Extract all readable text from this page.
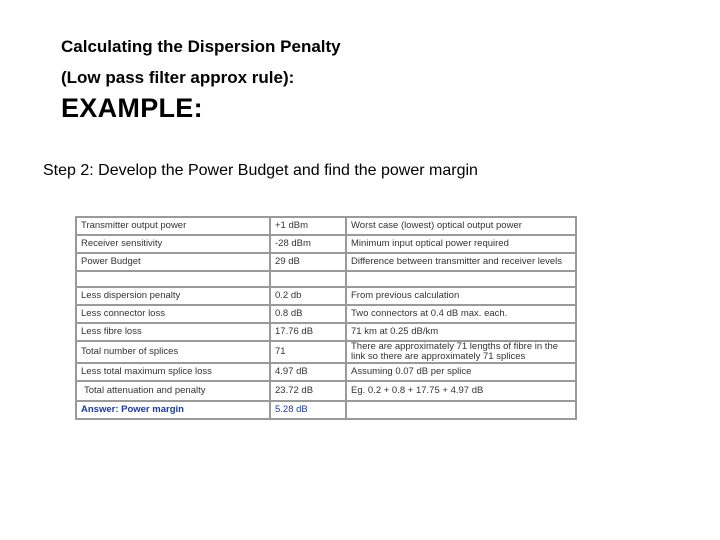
Calculating the Dispersion Penalty
(Low pass filter approx rule):
EXAMPLE:
Step 2: Develop the Power Budget and find the power margin
Transmitter output power	+1 dBm	Worst case (lowest) optical output power
Receiver sensitivity	-28 dBm	Minimum input optical power required
Power Budget	29 dB	Difference between transmitter and receiver levels

Less dispersion penalty	0.2 db	From previous calculation
Less connector loss	0.8 dB	Two connectors at 0.4 dB max. each.
Less fibre loss	17.76 dB	71 km at 0.25 dB/km
Total number of splices	71	There are approximately 71 lengths of fibre in the link so there are approximately 71 splices
Less total maximum splice loss	4.97 dB	Assuming 0.07 dB per splice
Total attenuation and penalty	23.72 dB	Eg. 0.2 + 0.8 + 17.75 + 4.97 dB
Answer: Power margin	5.28 dB	
